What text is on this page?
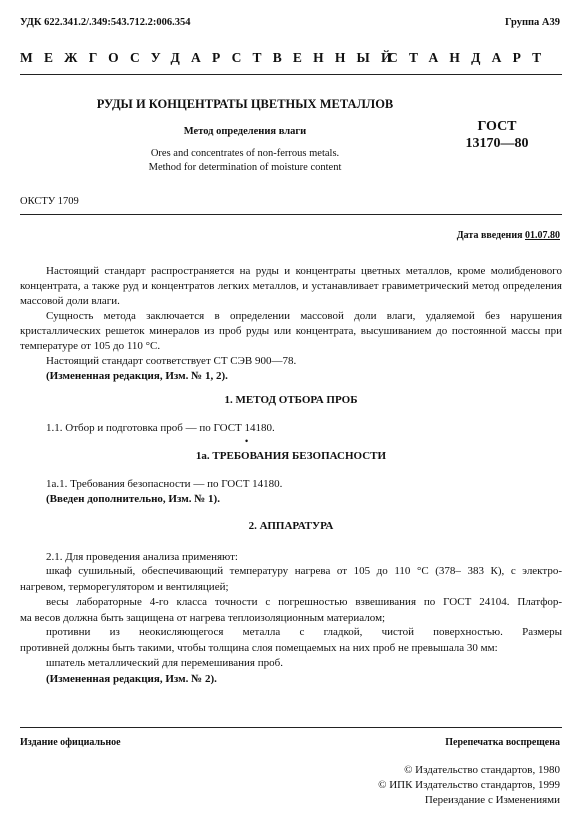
УДК 622.341.2/.349:543.712.2:006.354	Группа А39
МЕЖГОСУДАРСТВЕННЫЙ
СТАНДАРТ
РУДЫ И КОНЦЕНТРАТЫ ЦВЕТНЫХ МЕТАЛЛОВ
Метод определения влаги
Ores and concentrates of non-ferrous metals.
Method for determination of moisture content
ГОСТ
13170—80
ОКСТУ 1709
Дата введения 01.07.80
Настоящий стандарт распространяется на руды и концентраты цветных металлов, кроме молибденового концентрата, а также руд и концентратов легких металлов, и устанавливает гравиметрический метод определения массовой доли влаги.
Сущность метода заключается в определении массовой доли влаги, удаляемой без нарушения кристаллических решеток минералов из проб руды или концентрата, высушиванием до постоянной массы при температуре от 105 до 110 °С.
Настоящий стандарт соответствует СТ СЭВ 900—78.
(Измененная редакция, Изм. № 1, 2).
1. МЕТОД ОТБОРА ПРОБ
1.1. Отбор и подготовка проб — по ГОСТ 14180.
•
1а. ТРЕБОВАНИЯ БЕЗОПАСНОСТИ
1а.1. Требования безопасности — по ГОСТ 14180.
(Введен дополнительно, Изм. № 1).
2. АППАРАТУРА
2.1. Для проведения анализа применяют:
шкаф сушильный, обеспечивающий температуру нагрева от 105 до 110 °С (378– 383 К), с электро-
нагревом, терморегулятором и вентиляцией;
весы лабораторные 4-го класса точности с погрешностью взвешивания по ГОСТ 24104. Платфор-
ма весов должна быть защищена от нагрева теплоизоляционным материалом;
противни из неокисляющегося металла с гладкой, чистой поверхностью. Размеры
противней должны быть такими, чтобы толщина слоя помещаемых на них проб не превышала 30 мм:
шпатель металлический для перемешивания проб.
(Измененная редакция, Изм. № 2).
Издание официальное	Перепечатка воспрещена
© Издательство стандартов, 1980
© ИПК Издательство стандартов, 1999
Переиздание с Изменениями
